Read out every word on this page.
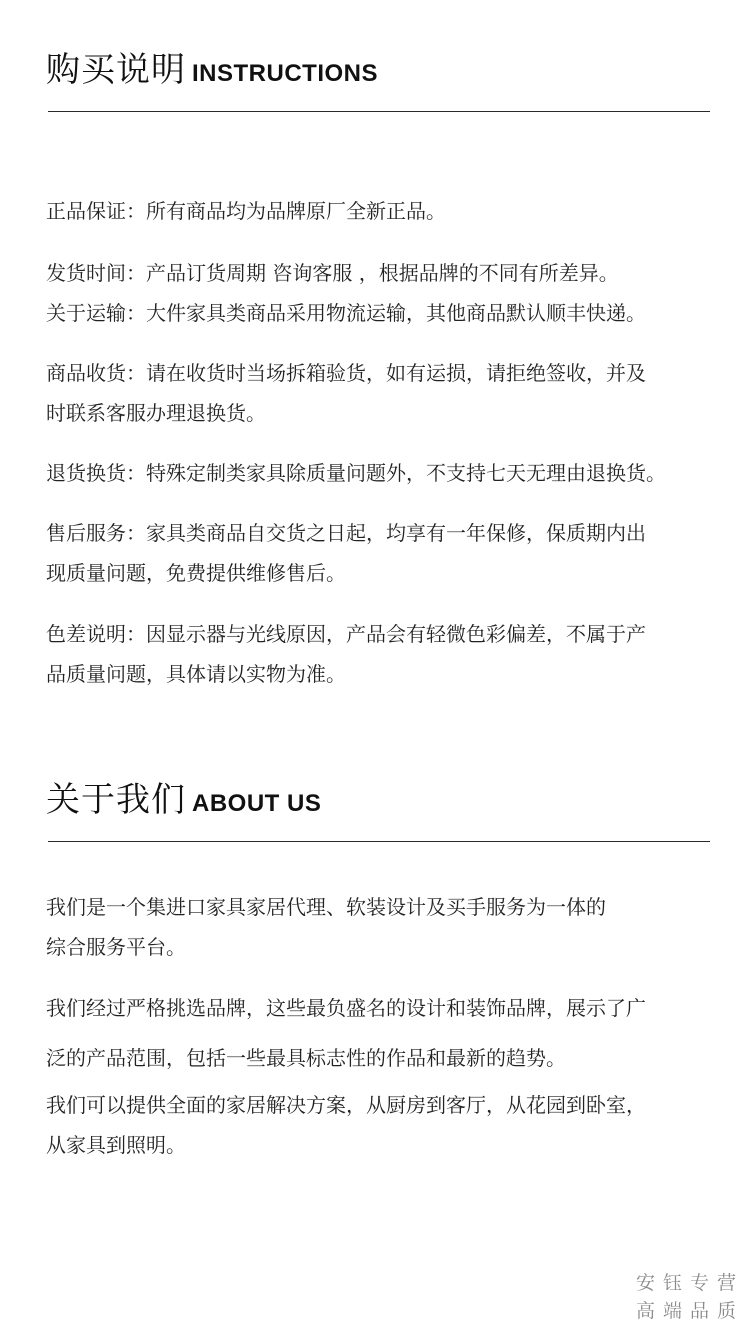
购买说明 INSTRUCTIONS
正品保证：所有商品均为品牌原厂全新正品。
发货时间：产品订货周期 咨询客服 ，根据品牌的不同有所差异。
关于运输：大件家具类商品采用物流运输，其他商品默认顺丰快递。
商品收货：请在收货时当场拆箱验货，如有运损，请拒绝签收，并及
时联系客服办理退换货。
退货换货：特殊定制类家具除质量问题外，不支持七天无理由退换货。
售后服务：家具类商品自交货之日起，均享有一年保修，保质期内出
现质量问题，免费提供维修售后。
色差说明：因显示器与光线原因，产品会有轻微色彩偏差，不属于产
品质量问题，具体请以实物为准。
关于我们 ABOUT US
我们是一个集进口家具家居代理、软装设计及买手服务为一体的
综合服务平台。
我们经过严格挑选品牌，这些最负盛名的设计和装饰品牌，展示了广
泛的产品范围，包括一些最具标志性的作品和最新的趋势。
我们可以提供全面的家居解决方案，从厨房到客厅，从花园到卧室，
从家具到照明。
安钰专营
高端品质
